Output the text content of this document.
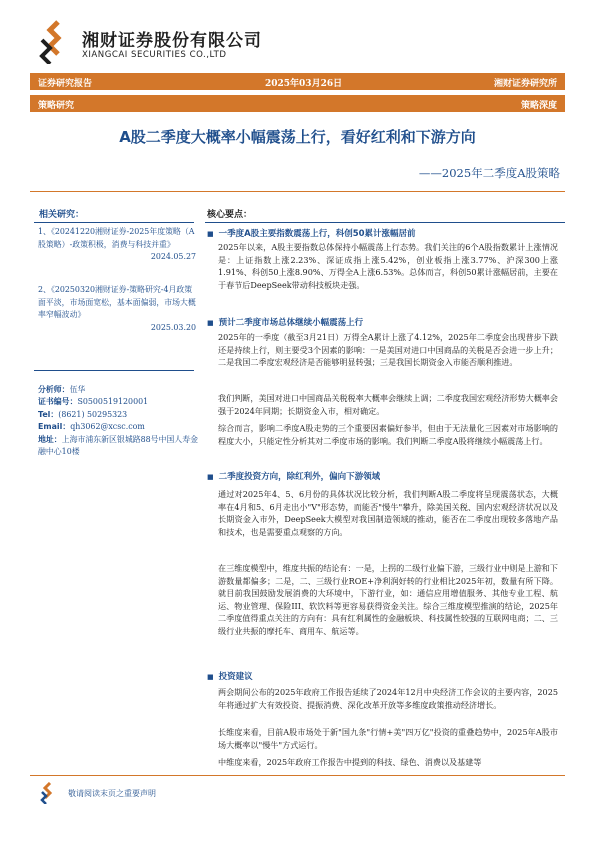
湘财证券股份有限公司
XIANGCAI SECURITIES CO.,LTD
证券研究报告	2025年03月26日	湘财证券研究所
策略研究	策略深度
A股二季度大概率小幅震荡上行，看好红利和下游方向
——2025年二季度A股策略
相关研究：
1、《20241220湘财证券-2025年度策略（A股策略）-政策积极，消费与科技并重》
2024.05.27
2、《20250320湘财证券-策略研究-4月政策面平淡，市场面宽松，基本面偏弱，市场大概率窄幅波动》
2025.03.20
分析师：伍华
证书编号：S0500519120001
Tel：(8621) 50295323
Email：qh3062@xcsc.com
地址：上海市浦东新区银城路88号中国人寿金融中心10楼
核心要点：
■ 一季度A股主要指数震荡上行，科创50累计涨幅居前
2025年以来，A股主要指数总体保持小幅震荡上行态势。我们关注的6个A股指数累计上涨情况是：上证指数上涨2.23%、深证成指上涨5.42%，创业板指上涨3.77%、沪深300上涨1.91%、科创50上涨8.90%、万得全A上涨6.53%。总体而言，科创50累计涨幅居前，主要在于春节后DeepSeek带动科技板块走强。
■ 预计二季度市场总体继续小幅震荡上行
2025年的一季度（截至3月21日）万得全A累计上涨了4.12%，2025年二季度会出现普步下跌还是持续上行，则主要受3个因素的影响：一是美国对进口中国商品的关税是否会进一步上升；二是我国二季度宏观经济是否能够明显转强；三是我国长期资金入市能否顺利推进。
我们判断，美国对进口中国商品关税税率大概率会继续上调；二季度我国宏观经济形势大概率会强于2024年同期；长期资金入市，相对确定。
综合而言，影响二季度A股走势的三个重要因素偏好参半，但由于无法量化三因素对市场影响的程度大小，只能定性分析其对二季度市场的影响。我们判断二季度A股将继续小幅震荡上行。
■ 二季度投资方向，除红利外，偏向下游领域
通过对2025年4、5、6月份的具体状况比较分析，我们判断A股二季度将呈现震荡状态，大概率在4月和5、6月走出小"V"形态势，而能否"慢牛"攀升，除美国关税、国内宏观经济状况以及长期资金入市外，DeepSeek大模型对我国制造领域的推动，能否在二季度出现较多落地产品和技术，也是需要重点观察的方向。
在三维度模型中，维度共振的结论有：一是，上拐的二级行业偏下游，三级行业中则是上游和下游数量都偏多；二是，二、三级行业ROE+净利润好转的行业相比2025年初，数量有所下降。就目前我国鼓励发展消费的大环境中，下游行业，如：通信应用增值服务、其他专业工程、航运、物业管理、保险III、软饮料等更容易获得资金关注。综合三维度模型推演的结论，2025年二季度值得重点关注的方向有：具有红利属性的金融板块、科技属性较强的互联网电商；二、三级行业共振的摩托车、商用车、航运等。
■ 投资建议
两会期间公布的2025年政府工作报告延续了2024年12月中央经济工作会议的主要内容，2025年将通过扩大有效投资、提振消费、深化改革开放等多维度政策推动经济增长。
长维度来看，目前A股市场处于新"国九条"行情+美"四万亿"投资的重叠趋势中，2025年A股市场大概率以"慢牛"方式运行。
中维度来看，2025年政府工作报告中提到的科技、绿色、消费以及基建等
敬请阅读末页之重要声明
